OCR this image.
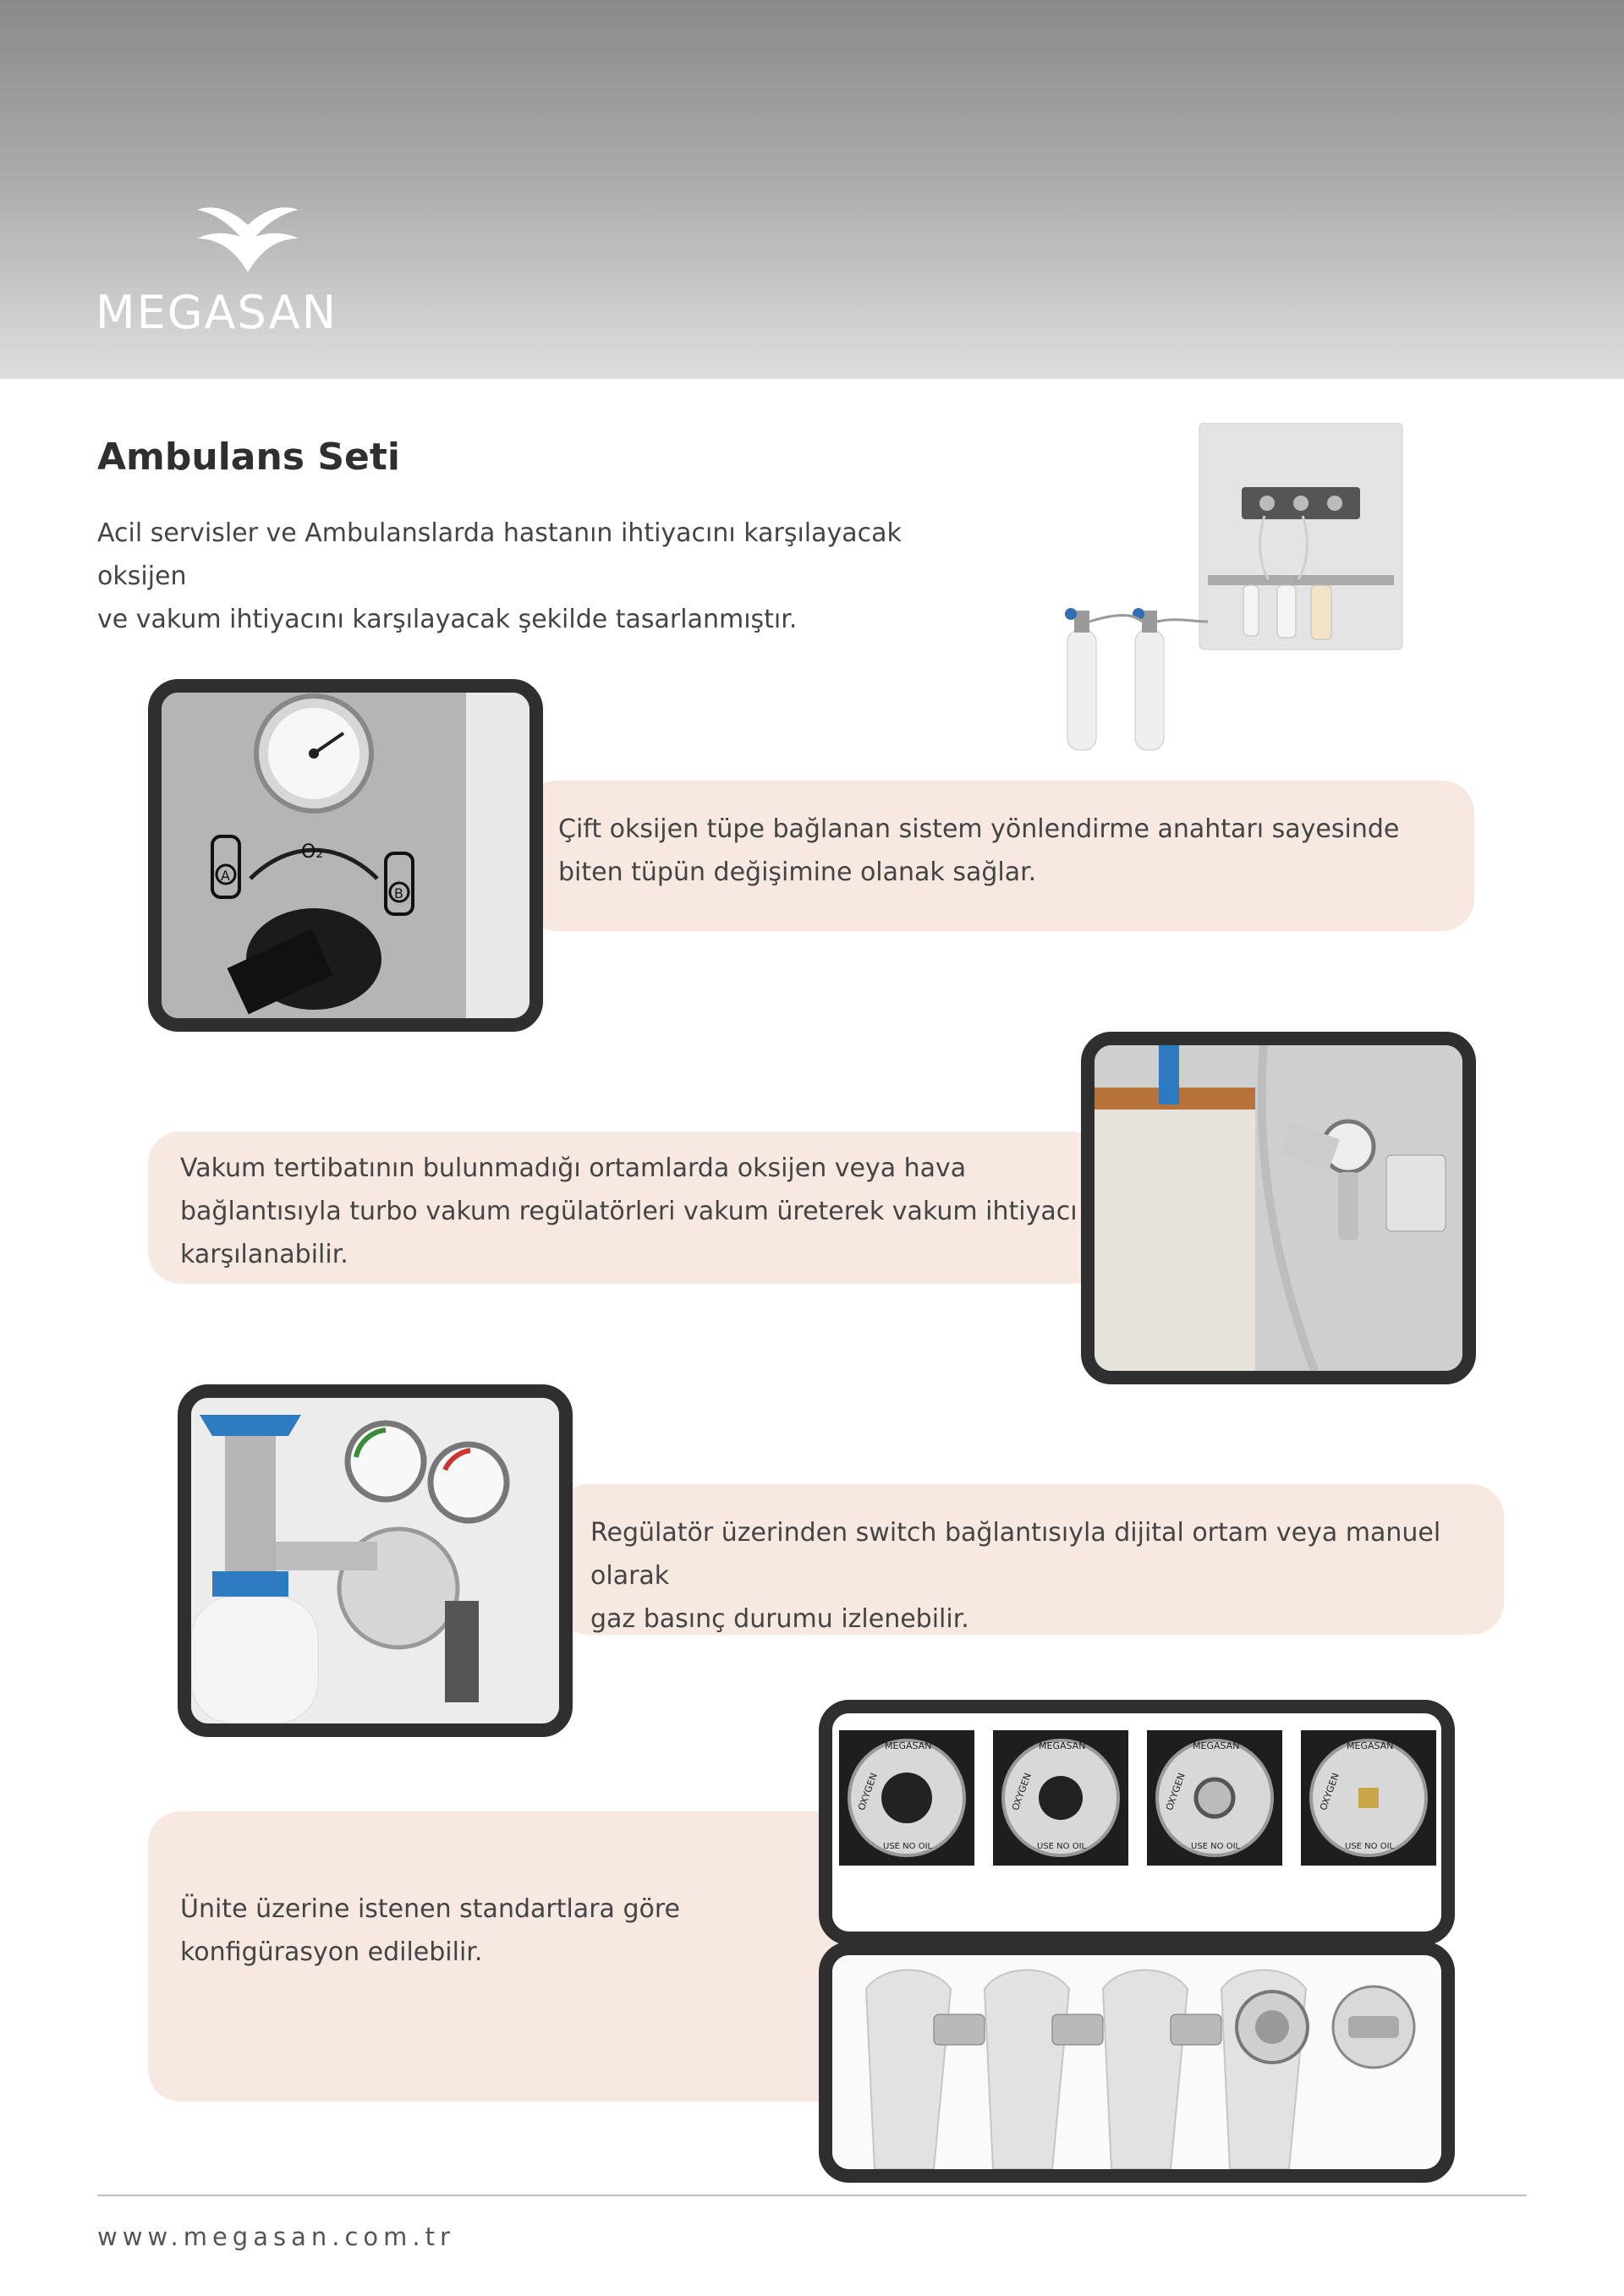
MEGASAN
Ambulans Seti
Acil servisler ve Ambulanslarda hastanın ihtiyacını karşılayacak oksijen
ve vakum ihtiyacını karşılayacak şekilde tasarlanmıştır.

Çift oksijen tüpe bağlanan sistem yönlendirme anahtarı sayesinde

biten tüpün değişimine olanak sağlar.

O₂
A
B

Vakum tertibatının bulunmadığı ortamlarda oksijen veya hava

bağlantısıyla turbo vakum regülatörleri vakum üreterek vakum ihtiyacı

karşılanabilir.

Regülatör üzerinden switch bağlantısıyla dijital ortam veya manuel olarak

gaz basınç durumu izlenebilir.

Ünite üzerine istenen standartlara göre

konfigürasyon edilebilir.

MEGASAN
OXYGEN
USE NO OIL
MEGASAN
OXYGEN
USE NO OIL
MEGASAN
OXYGEN
USE NO OIL
MEGASAN
OXYGEN
USE NO OIL
www.megasan.com.tr
